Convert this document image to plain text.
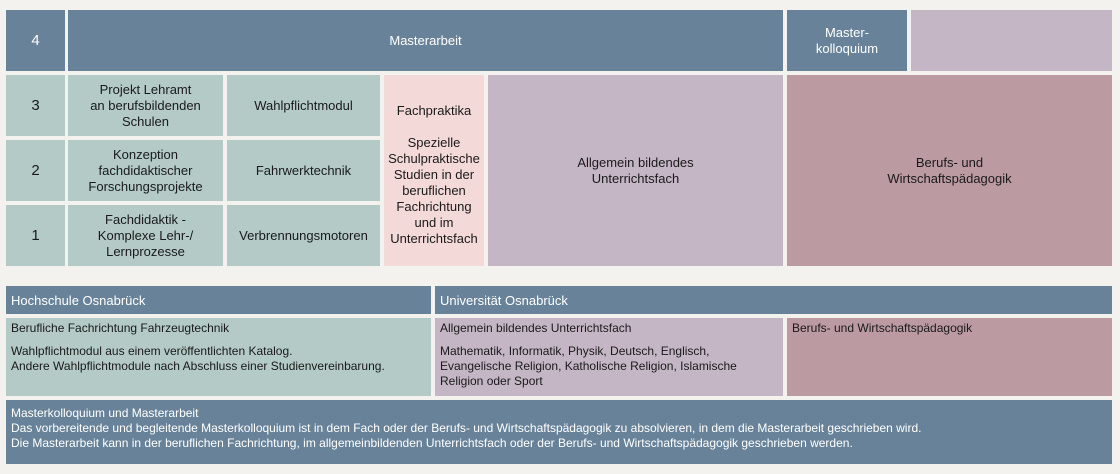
4	Masterarbeit
Master-
kolloquium
3
2
1
Projekt Lehramt
an berufsbildenden
Schulen
Konzeption
fachdidaktischer
Forschungsprojekte
Fachdidaktik -
Komplexe Lehr-/
Lernprozesse
Wahlpflichtmodul
Fahrwerktechnik
Verbrennungsmotoren
Fachpraktika
Spezielle
Schulpraktische
Studien in der
beruflichen
Fachrichtung
und im
Unterrichtsfach
Allgemein bildendes
Unterrichtsfach
Berufs- und
Wirtschaftspädagogik
Hochschule Osnabrück	Universität Osnabrück
Berufliche Fachrichtung Fahrzeugtechnik
Wahlpflichtmodul aus einem veröffentlichten Katalog.
Andere Wahlpflichtmodule nach Abschluss einer Studienvereinbarung.
Allgemein bildendes Unterrichtsfach
Mathematik, Informatik, Physik, Deutsch, Englisch,
Evangelische Religion, Katholische Religion, Islamische
Religion oder Sport
Berufs- und Wirtschaftspädagogik
Masterkolloquium und Masterarbeit
Das vorbereitende und begleitende Masterkolloquium ist in dem Fach oder der Berufs- und Wirtschaftspädagogik zu absolvieren, in dem die Masterarbeit geschrieben wird.
Die Masterarbeit kann in der beruflichen Fachrichtung, im allgemeinbildenden Unterrichtsfach oder der Berufs- und Wirtschaftspädagogik geschrieben werden.
